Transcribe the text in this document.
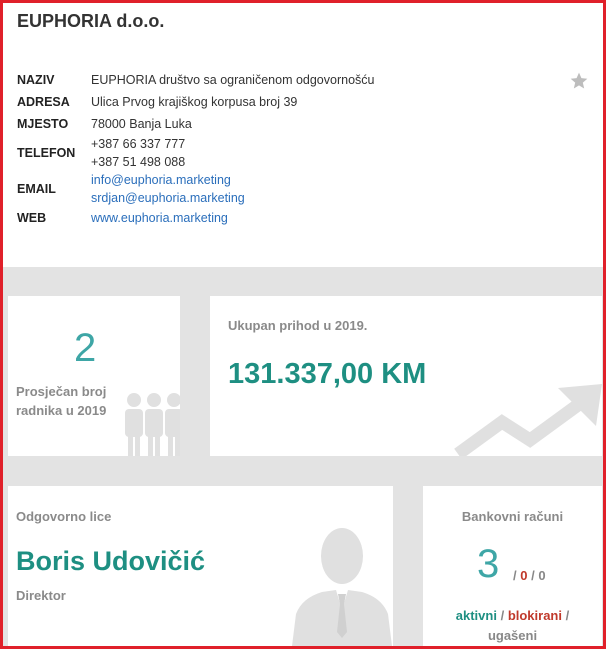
EUPHORIA d.o.o.
NAZIV	EUPHORIA društvo sa ograničenom odgovornošću
ADRESA Ulica Prvog krajiškog korpusa broj 39
MJESTO 78000 Banja Luka
TELEFON
+387 66 337 777
+387 51 498 088
EMAIL
info@euphoria.marketing
srdjan@euphoria.marketing
WEB	www.euphoria.marketing
2
Prosječan broj
radnika u 2019
Ukupan prihod u 2019.
131.337,00 KM
Odgovorno lice
Boris Udovičić
Direktor
Bankovni računi
3 / 0 / 0
aktivni / blokirani /
ugašeni
